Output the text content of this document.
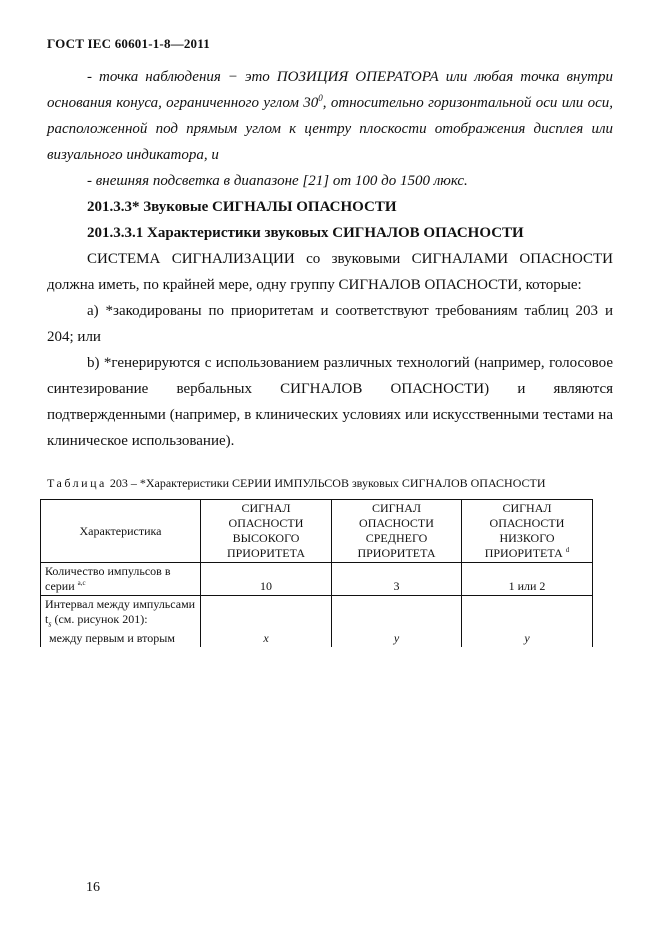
ГОСТ IEC 60601-1-8—2011

- точка наблюдения − это ПОЗИЦИЯ ОПЕРАТОРА или любая точка внутри основания конуса, ограниченного углом $30^0$, относительно горизонтальной оси или оси, расположенной под прямым углом к центру плоскости отображения дисплея или визуального индикатора, и

- внешняя подсветка в диапазоне [21] от 100 до 1500 люкс.

201.3.3* Звуковые СИГНАЛЫ ОПАСНОСТИ

201.3.3.1 Характеристики звуковых СИГНАЛОВ ОПАСНОСТИ

СИСТЕМА СИГНАЛИЗАЦИИ со звуковыми СИГНАЛАМИ ОПАСНОСТИ должна иметь, по крайней мере, одну группу СИГНАЛОВ ОПАСНОСТИ, которые:

a) *закодированы по приоритетам и соответствуют требованиям таблиц 203 и 204; или

b) *генерируются с использованием различных технологий (например, голосовое синтезирование вербальных СИГНАЛОВ ОПАСНОСТИ) и являются подтвержденными (например, в клинических условиях или искусственными тестами на клиническое использование).

Таблица 203 – *Характеристики СЕРИИ ИМПУЛЬСОВ звуковых СИГНАЛОВ ОПАСНОСТИ
Характеристика	СИГНАЛ ОПАСНОСТИ ВЫСОКОГО ПРИОРИТЕТА	СИГНАЛ ОПАСНОСТИ СРЕДНЕГО ПРИОРИТЕТА	СИГНАЛ ОПАСНОСТИ НИЗКОГО ПРИОРИТЕТА $^d$
Количество импульсов в серии $^{a,c}$	10	3	1 или 2
Интервал между импульсами $t_s$ (см. рисунок 201):
между первым и вторым	x	y	y
16
